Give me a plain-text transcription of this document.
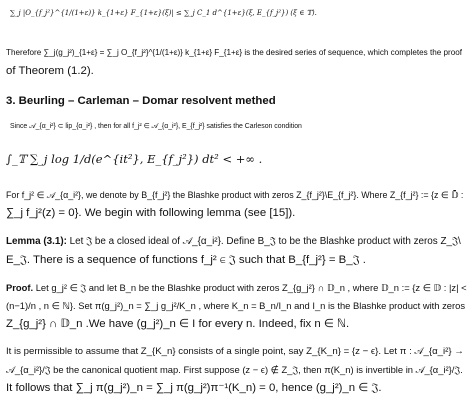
∑_j |O_{f_j²}^{1/(1+ε)} k_{1+ε} F_{1+ε}(ξ)| ≤ ∑_j C_1 d^{1+ε}(ξ, E_{f_j²}) (ξ ∈ 𝕋).
Therefore ∑_j(g_j²)_{1+ε} = ∑_j O_{f_j²}^{1/(1+ε)} k_{1+ε} F_{1+ε} is the desired series of sequence, which completes the proof
of Theorem (1.2).
3. Beurling – Carleman – Domar resolvent methed
Since 𝒜_{α_i²} ⊂ lip_{α_i²} , then for all f_j² ∈ 𝒜_{α_i²}, E_{f_j²} satisfies the Carleson condition
∫_𝕋 ∑_j log 1/d(e^{it²}, E_{f_j²}) dt² < +∞ .
For f_j² ∈ 𝒜_{α_i²}, we denote by B_{f_j²} the Blashke product with zeros Z_{f_j²}\E_{f_j²}. Where Z_{f_j²} := {z ∈ 𝔻̄ :
∑_j f_j²(z) = 0}. We begin with following lemma (see [15]).
Lemma (3.1): Let 𝔍 be a closed ideal of 𝒜_{α_i²}. Define B_𝔍 to be the Blashke product with zeros Z_𝔍\
E_𝔍. There is a sequence of functions f_j² ∈ 𝔍 such that B_{f_j²} = B_𝔍 .
Proof. Let g_j² ∈ 𝔍 and let B_n be the Blashke product with zeros Z_{g_j²} ∩ 𝔻_n , where 𝔻_n := {z ∈ 𝔻 : |z| <
(n−1)/n , n ∈ ℕ}. Set π(g_j²)_n = ∑_j g_j²/K_n , where K_n = B_n/I_n and I_n is the Blashke product with zeros
Z_{g_j²} ∩ 𝔻_n .We have (g_j²)_n ∈ I for every n. Indeed, fix n ∈ ℕ.
It is permissible to assume that Z_{K_n} consists of a single point, say Z_{K_n} = {z − ϵ}. Let π : 𝒜_{α_i²} →
𝒜_{α_i²}/𝔍 be the canonical quotient map. First suppose (z − ϵ) ∉ Z_𝔍, then π(K_n) is invertible in 𝒜_{α_i²}/𝔍.
It follows that ∑_j π(g_j²)_n = ∑_j π(g_j²)π⁻¹(K_n) = 0, hence (g_j²)_n ∈ 𝔍.
